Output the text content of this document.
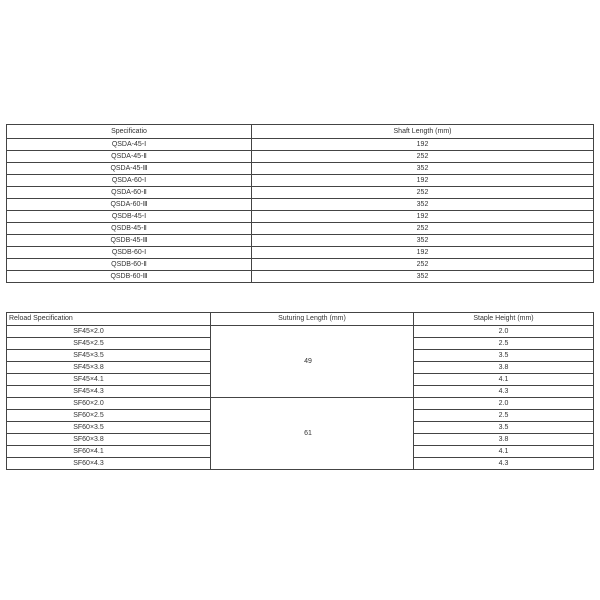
Specificatio	Shaft Length (mm)
QSDA-45-Ⅰ	192
QSDA-45-Ⅱ	252
QSDA-45-Ⅲ	352
QSDA-60-Ⅰ	192
QSDA-60-Ⅱ	252
QSDA-60-Ⅲ	352
QSDB-45-Ⅰ	192
QSDB-45-Ⅱ	252
QSDB-45-Ⅲ	352
QSDB-60-Ⅰ	192
QSDB-60-Ⅱ	252
QSDB-60-Ⅲ	352
Reload Specification	Suturing Length (mm)	Staple Height (mm)
SF45×2.0	49	2.0
SF45×2.5		2.5
SF45×3.5		3.5
SF45×3.8		3.8
SF45×4.1		4.1
SF45×4.3		4.3
SF60×2.0	61	2.0
SF60×2.5		2.5
SF60×3.5		3.5
SF60×3.8		3.8
SF60×4.1		4.1
SF60×4.3		4.3
